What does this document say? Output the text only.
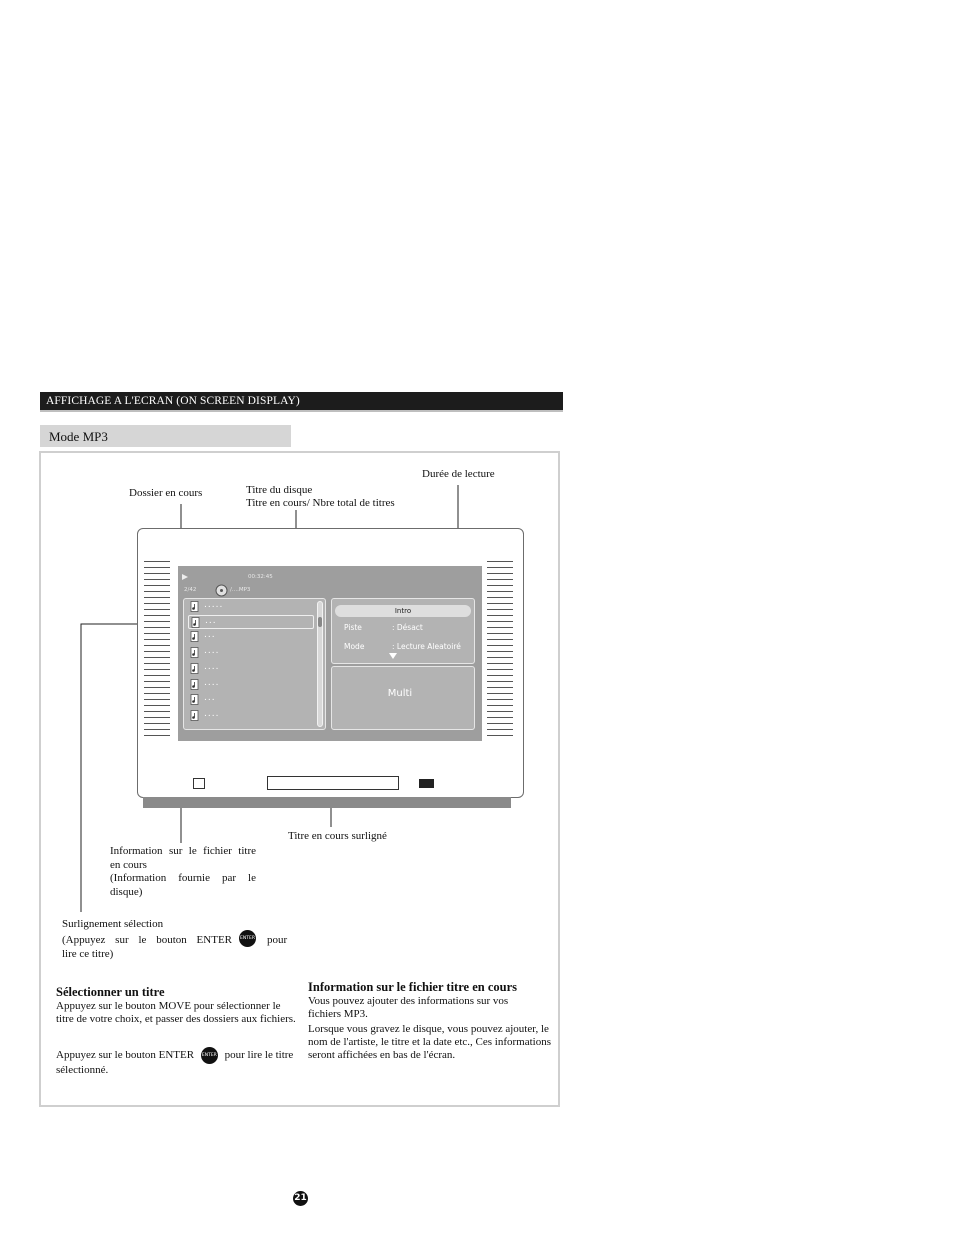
AFFICHAGE A L'ECRAN (ON SCREEN DISPLAY)
Mode MP3
Durée de lecture
Dossier en cours	Titre du disque
Titre en cours/ Nbre total de titres
00:32:45
2/42	/....MP3
.....
...
...
....
....
....
...
....
Intro
Piste	: Désact
Mode	: Lecture Aleatoiré
Multi
Titre en cours surligné
Information sur le fichier titre
en cours
(Information fournie par le
disque)
Surlignement sélection
(Appuyez sur le bouton ENTER ENTER pour
lire ce titre)
Sélectionner un titre
Appuyez sur le bouton MOVE pour sélectionner le titre de votre choix, et passer des dossiers aux fichiers.
Appuyez sur le bouton ENTER ENTER pour lire le titre sélectionné.
Information sur le fichier titre en cours
Vous pouvez ajouter des informations sur vos fichiers MP3.
Lorsque vous gravez le disque, vous pouvez ajouter, le nom de l'artiste, le titre et la date etc., Ces informations seront affichées en bas de l'écran.
21
